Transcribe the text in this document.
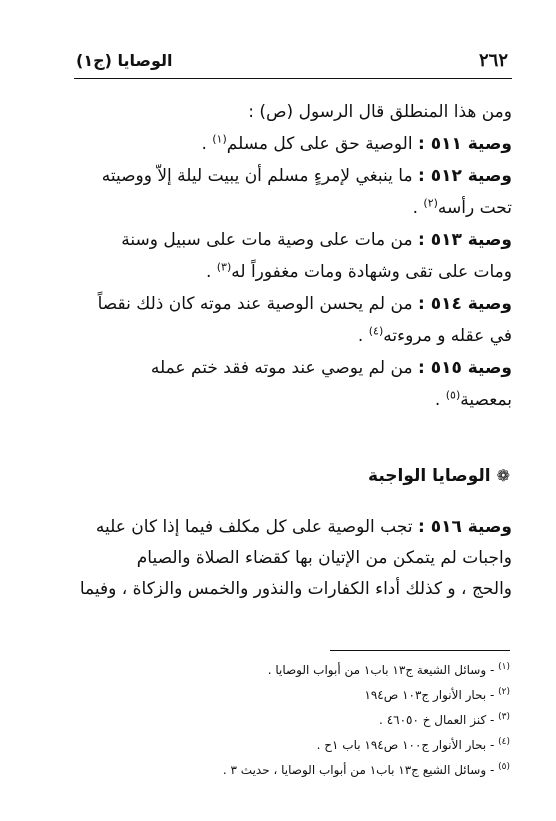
٢٦٢
الوصايا (ج١)
ومن هذا المنطلق قال الرسول (ص) :
وصية ٥١١ : الوصية حق على كل مسلم$^{(١)}$ .
وصية ٥١٢ : ما ينبغي لإمرءٍ مسلم أن يبيت ليلة إلاّ ووصيته
تحت رأسه$^{(٢)}$ .
وصية ٥١٣ : من مات على وصية مات على سبيل وسنة
ومات على تقى وشهادة ومات مغفوراً له$^{(٣)}$ .
وصية ٥١٤ : من لم يحسن الوصية عند موته كان ذلك نقصاً
في عقله و مروءته$^{(٤)}$ .
وصية ٥١٥ : من لم يوصي عند موته فقد ختم عمله
بمعصية$^{(٥)}$ .
❁
الوصايا الواجبة
وصية ٥١٦ : تجب الوصية على كل مكلف فيما إذا كان عليه
واجبات لم يتمكن من الإتيان بها كقضاء الصلاة والصيام
والحج ، و كذلك أداء الكفارات والنذور والخمس والزكاة ، وفيما
$^{(١)}$ - وسائل الشيعة ج١٣ باب١ من أبواب الوصايا .
$^{(٢)}$ - بحار الأنوار ج١٠٣ ص١٩٤
$^{(٣)}$ - كنز العمال خ ٤٦٠٥٠ .
$^{(٤)}$ - بحار الأنوار ج١٠٠ ص١٩٤ باب ١ح .
$^{(٥)}$ - وسائل الشيع ج١٣ باب١ من أبواب الوصايا ، حديث ٣ .
